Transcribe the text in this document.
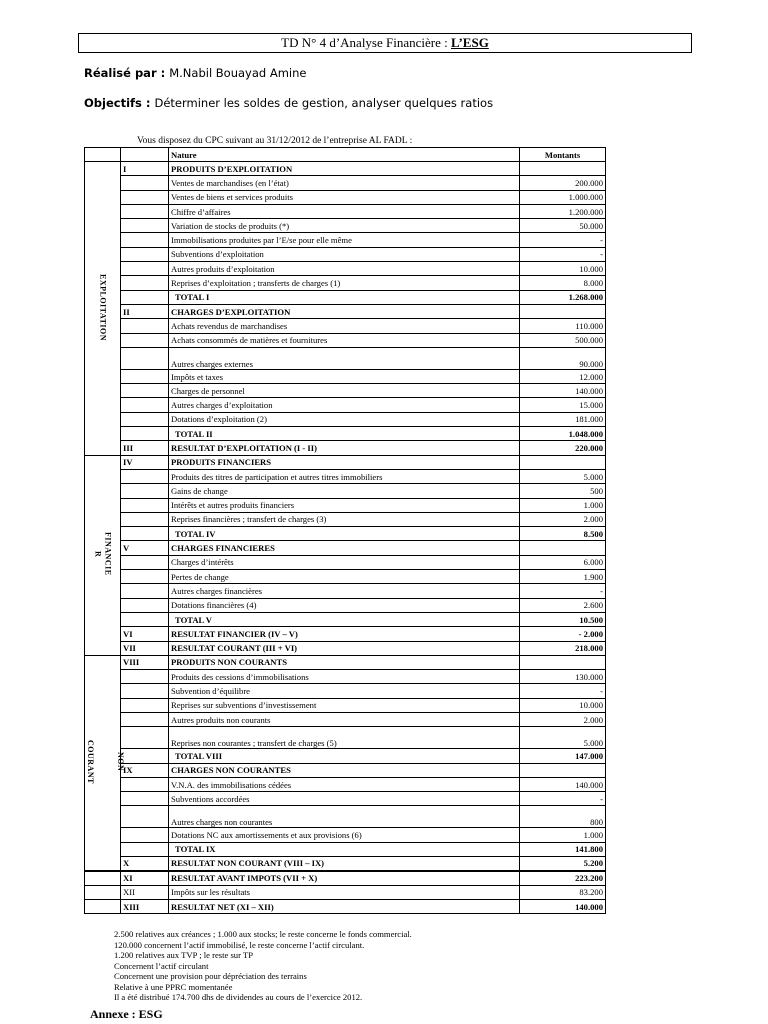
TD N° 4 d’Analyse Financière : L’ESG
Réalisé par : M.Nabil Bouayad Amine
Objectifs : Déterminer les soldes de gestion, analyser quelques ratios
Vous disposez du CPC suivant au 31/12/2012 de l’entreprise AL FADL :
		Nature	Montants
EXPLOITATION	I	PRODUITS D’EXPLOITATION	
		Ventes de marchandises (en l’état)	200.000
		Ventes de biens et services produits	1.000.000
		Chiffre d’affaires	1.200.000
		Variation de stocks de produits (*)	50.000
		Immobilisations produites par l’E/se pour elle même	-
		Subventions d’exploitation	-
		Autres produits d’exploitation	10.000
		Reprises d’exploitation ; transferts de charges (1)	8.000
		TOTAL I	1.268.000
	II	CHARGES D’EXPLOITATION	
		Achats revendus de marchandises	110.000
		Achats consommés de matières et fournitures	500.000
		Autres charges externes	90.000
		Impôts et taxes	12.000
		Charges de personnel	140.000
		Autres charges d’exploitation	15.000
		Dotations d’exploitation (2)	181.000
		TOTAL II	1.048.000
	III	RESULTAT D’EXPLOITATION (I - II)	220.000
FINANCIE
R	IV	PRODUITS FINANCIERS	
		Produits des titres de participation et autres titres immobiliers	5.000
		Gains de change	500
		Intérêts et autres produits financiers	1.000
		Reprises financières ; transfert de charges (3)	2.000
		TOTAL IV	8.500
	V	CHARGES FINANCIERES	
		Charges d’intérêts	6.000
		Pertes de change	1.900
		Autres charges financières	-
		Dotations financières (4)	2.600
		TOTAL V	10.500
	VI	RESULTAT FINANCIER (IV – V)	- 2.000
	VII	RESULTAT COURANT (III + VI)	218.000
NON

COURANT	VIII	PRODUITS NON COURANTS	
		Produits des cessions d’immobilisations	130.000
		Subvention d’équilibre	-
		Reprises sur subventions d’investissement	10.000
		Autres produits non courants	2.000
		Reprises non courantes ; transfert de charges (5)	5.000
		TOTAL VIII	147.000
	IX	CHARGES NON COURANTES	
		V.N.A. des immobilisations cédées	140.000
		Subventions accordées	-
		Autres charges non courantes	800
		Dotations NC aux amortissements et aux provisions (6)	1.000
		TOTAL IX	141.800
	X	RESULTAT NON COURANT (VIII – IX)	5.200
	XI	RESULTAT AVANT IMPOTS (VII + X)	223.200
	XII	Impôts sur les résultats	83.200
	XIII	RESULTAT NET (XI – XII)	140.000
2.500 relatives aux créances ; 1.000 aux stocks; le reste concerne le fonds commercial.
120.000 concernent l’actif immobilisé, le reste concerne l’actif circulant.
1.200 relatives aux TVP ; le reste sur TP
Concernent l’actif circulant
Concernent une provision pour dépréciation des terrains
Relative à une PPRC momentanée
Il a été distribué 174.700 dhs de dividendes au cours de l’exercice 2012.
Annexe : ESG
